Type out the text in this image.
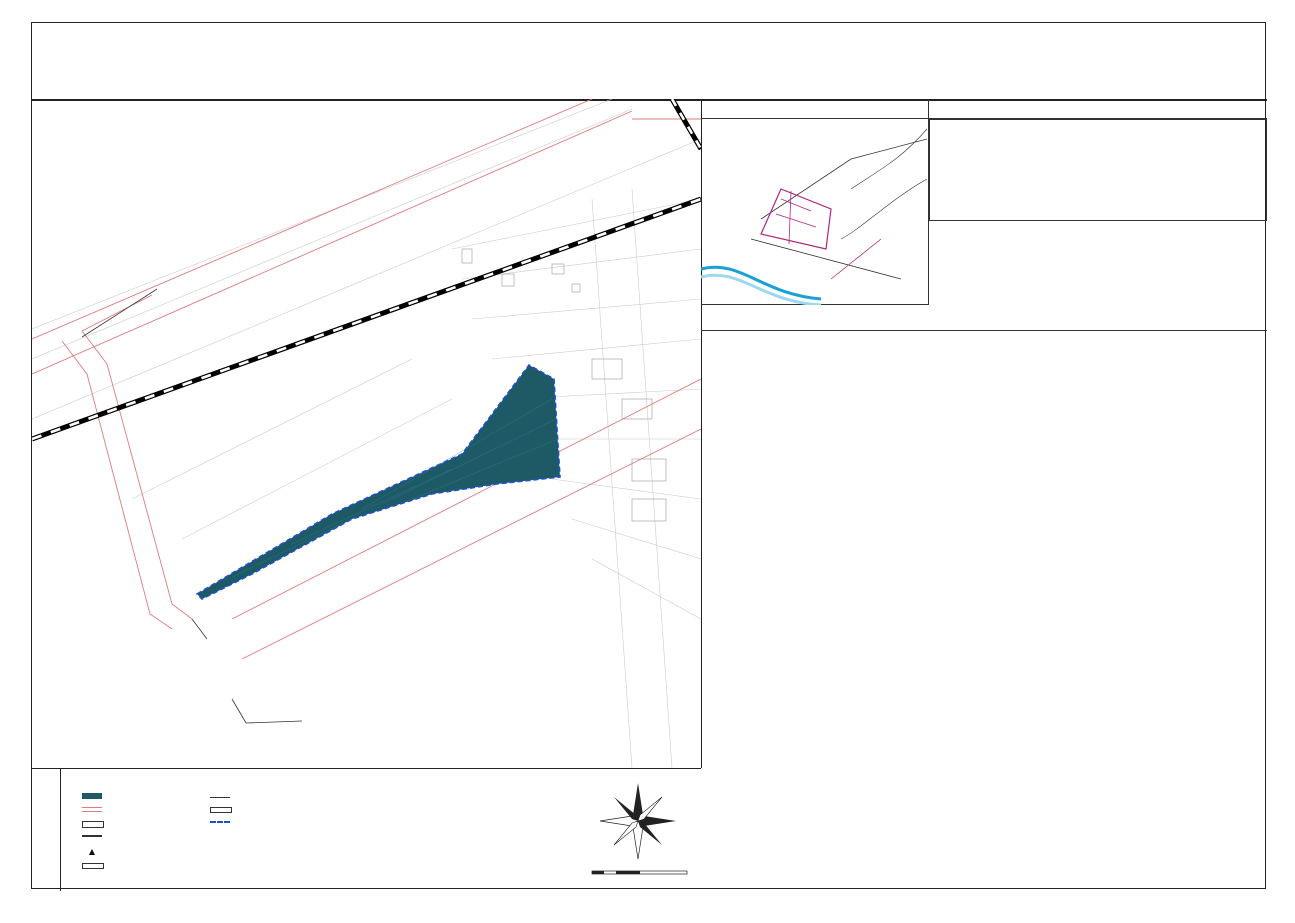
▲
